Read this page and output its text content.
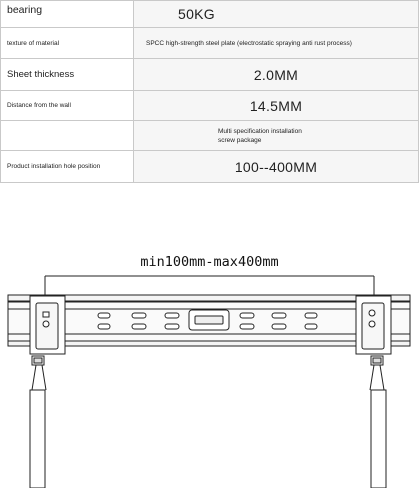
bearing	50KG
texture of material	SPCC high-strength steel plate (electrostatic spraying anti rust process)
Sheet thickness	2.0MM
Distance from the wall	14.5MM
	Multi specification installation screw package
Product installation hole position	100--400MM
min100mm-max400mm
